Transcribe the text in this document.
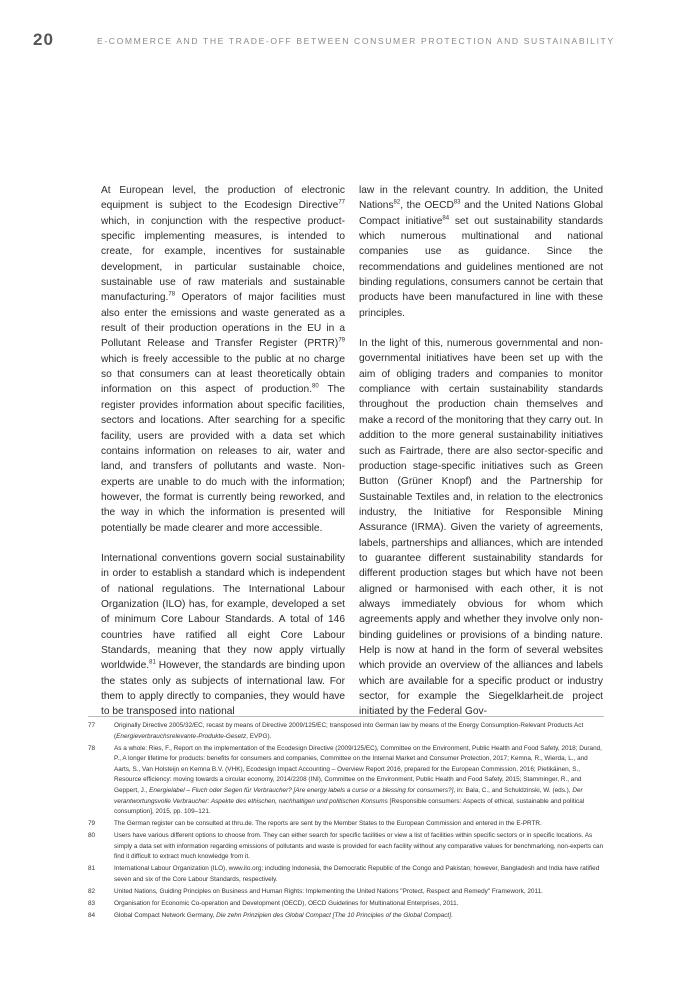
20	E-COMMERCE AND THE TRADE-OFF BETWEEN CONSUMER PROTECTION AND SUSTAINABILITY

At European level, the production of electronic equipment is subject to the Ecodesign Directive$^{77}$ which, in conjunction with the respective product-specific implementing measures, is intended to create, for example, incentives for sustainable development, in particular sustainable choice, sustainable use of raw materials and sustainable manufacturing.$^{78}$ Operators of major facilities must also enter the emissions and waste generated as a result of their production operations in the EU in a Pollutant Release and Transfer Register (PRTR)$^{79}$ which is freely accessible to the public at no charge so that consumers can at least theoretically obtain information on this aspect of production.$^{80}$ The register provides information about specific facilities, sectors and locations. After searching for a specific facility, users are provided with a data set which contains information on releases to air, water and land, and transfers of pollutants and waste. Non-experts are unable to do much with the information; however, the format is currently being reworked, and the way in which the information is presented will potentially be made clearer and more accessible.

International conventions govern social sustainability in order to establish a standard which is independent of national regulations. The International Labour Organization (ILO) has, for example, developed a set of minimum Core Labour Standards. A total of 146 countries have ratified all eight Core Labour Standards, meaning that they now apply virtually worldwide.$^{81}$ However, the standards are binding upon the states only as subjects of international law. For them to apply directly to companies, they would have to be transposed into national

law in the relevant country. In addition, the United Nations$^{82}$, the OECD$^{83}$ and the United Nations Global Compact initiative$^{84}$ set out sustainability standards which numerous multinational and national companies use as guidance. Since the recommendations and guidelines mentioned are not binding regulations, consumers cannot be certain that products have been manufactured in line with these principles.

In the light of this, numerous governmental and non-governmental initiatives have been set up with the aim of obliging traders and companies to monitor compliance with certain sustainability standards throughout the production chain themselves and make a record of the monitoring that they carry out. In addition to the more general sustainability initiatives such as Fairtrade, there are also sector-specific and production stage-specific initiatives such as Green Button (Grüner Knopf) and the Partnership for Sustainable Textiles and, in relation to the electronics industry, the Initiative for Responsible Mining Assurance (IRMA). Given the variety of agreements, labels, partnerships and alliances, which are intended to guarantee different sustainability standards for different production stages but which have not been aligned or harmonised with each other, it is not always immediately obvious for whom which agreements apply and whether they involve only non-binding guidelines or provisions of a binding nature. Help is now at hand in the form of several websites which provide an overview of the alliances and labels which are available for a specific product or industry sector, for example the Siegelklarheit.de project initiated by the Federal Gov-

77	Originally Directive 2005/32/EC, recast by means of Directive 2009/125/EC; transposed into German law by means of the Energy Consumption-Relevant Products Act (Energieverbrauchsrelevante-Produkte-Gesetz, EVPG).
78	As a whole: Ries, F., Report on the implementation of the Ecodesign Directive (2009/125/EC), Committee on the Environment, Public Health and Food Safety, 2018; Durand, P., A longer lifetime for products: benefits for consumers and companies, Committee on the Internal Market and Consumer Protection, 2017; Kemna, R., Wierda, L., and Aarts, S., Van Holsteijn en Kemna B.V. (VHK), Ecodesign Impact Accounting – Overview Report 2016, prepared for the European Commission, 2016; Pietikäinen, S., Resource efficiency: moving towards a circular economy, 2014/2208 (INI), Committee on the Environment, Public Health and Food Safety, 2015; Stamminger, R., and Geppert, J., Energielabel – Fluch oder Segen für Verbraucher? [Are energy labels a curse or a blessing for consumers?], in: Bala, C., and Schuldzinski, W. (eds.), Der verantwortungsvolle Verbraucher: Aspekte des ethischen, nachhaltigen und politischen Konsums [Responsible consumers: Aspects of ethical, sustainable and political consumption], 2015, pp. 109–121.
79	The German register can be consulted at thru.de. The reports are sent by the Member States to the European Commission and entered in the E-PRTR.
80	Users have various different options to choose from. They can either search for specific facilities or view a list of facilities within specific sectors or in specific locations. As simply a data set with information regarding emissions of pollutants and waste is provided for each facility without any comparative values for benchmarking, non-experts can find it difficult to extract much knowledge from it.
81	International Labour Organization (ILO), www.ilo.org; including Indonesia, the Democratic Republic of the Congo and Pakistan; however, Bangladesh and India have ratified seven and six of the Core Labour Standards, respectively.
82	United Nations, Guiding Principles on Business and Human Rights: Implementing the United Nations "Protect, Respect and Remedy" Framework, 2011.
83	Organisation for Economic Co-operation and Development (OECD), OECD Guidelines for Multinational Enterprises, 2011.
84	Global Compact Network Germany, Die zehn Prinzipien des Global Compact [The 10 Principles of the Global Compact].
